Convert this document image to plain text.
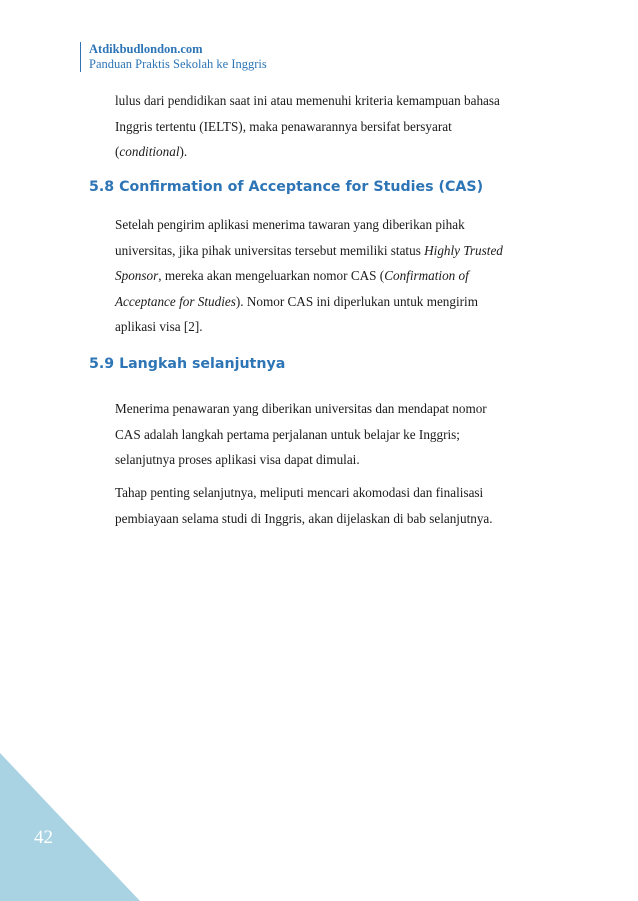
Atdikbudlondon.com
Panduan Praktis Sekolah ke Inggris
lulus dari pendidikan saat ini atau memenuhi kriteria kemampuan bahasa
Inggris tertentu (IELTS), maka penawarannya bersifat bersyarat
(conditional).
5.8 Confirmation of Acceptance for Studies (CAS)
Setelah pengirim aplikasi menerima tawaran yang diberikan pihak
universitas, jika pihak universitas tersebut memiliki status Highly Trusted
Sponsor, mereka akan mengeluarkan nomor CAS (Confirmation of
Acceptance for Studies). Nomor CAS ini diperlukan untuk mengirim
aplikasi visa [2].
5.9 Langkah selanjutnya
Menerima penawaran yang diberikan universitas dan mendapat nomor
CAS adalah langkah pertama perjalanan untuk belajar ke Inggris;
selanjutnya proses aplikasi visa dapat dimulai.
Tahap penting selanjutnya, meliputi mencari akomodasi dan finalisasi
pembiayaan selama studi di Inggris, akan dijelaskan di bab selanjutnya.
42
